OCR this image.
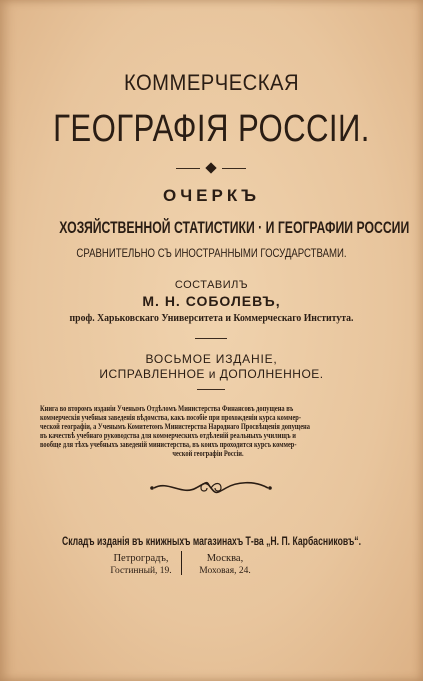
КОММЕРЧЕСКАЯ
ГЕОГРАФІЯ РОССІИ.
ОЧЕРКЪ
ХОЗЯЙСТВЕННОЙ СТАТИСТИКИ · И ГЕОГРАФИИ РОССИИ
СРАВНИТЕЛЬНО СЪ ИНОСТРАННЫМИ ГОСУДАРСТВАМИ.
СОСТАВИЛЪ
М. Н. СОБОЛЕВЪ,
проф. Харьковскаго Университета и Коммерческаго Института.
ВОСЬМОЕ ИЗДАНІЕ,
ИСПРАВЛЕННОЕ и ДОПОЛНЕННОЕ.
Книга во второмъ изданіи Ученымъ Отдѣломъ Министерства Финансовъ допущена въ
коммерческія учебныя заведенія вѣдомства, какъ пособіе при прохожденіи курса коммер-
ческой географіи, а Ученымъ Комитетомъ Министерства Народнаго Просвѣщенія допущена
въ качествѣ учебнаго руководства для коммерческихъ отдѣленій реальныхъ училищъ и
вообще для тѣхъ учебныхъ заведеній министерства, въ коихъ проходится курсъ коммер-
ческой географіи Россіи.
Складъ изданія въ книжныхъ магазинахъ Т-ва „Н. П. Карбасниковъ“.
Петроградъ,
Гостинный, 19.
Москва,
Моховая, 24.
